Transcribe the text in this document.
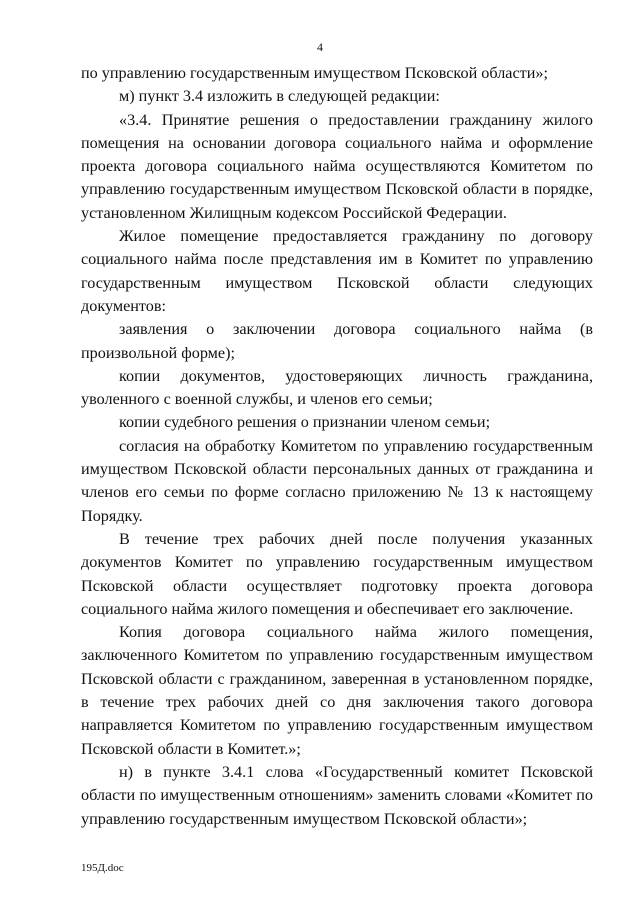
4

по управлению государственным имуществом Псковской области»;

м) пункт 3.4 изложить в следующей редакции:

«3.4. Принятие решения о предоставлении гражданину жилого помещения на основании договора социального найма и оформление проекта договора социального найма осуществляются Комитетом по управлению государственным имуществом Псковской области в порядке, установленном Жилищным кодексом Российской Федерации.

Жилое помещение предоставляется гражданину по договору социального найма после представления им в Комитет по управлению государственным имуществом Псковской области следующих документов:

заявления о заключении договора социального найма (в произвольной форме);

копии документов, удостоверяющих личность гражданина, уволенного с военной службы, и членов его семьи;

копии судебного решения о признании членом семьи;

согласия на обработку Комитетом по управлению государственным имуществом Псковской области персональных данных от гражданина и членов его семьи по форме согласно приложению № 13 к настоящему Порядку.

В течение трех рабочих дней после получения указанных документов Комитет по управлению государственным имуществом Псковской области осуществляет подготовку проекта договора социального найма жилого помещения и обеспечивает его заключение.

Копия договора социального найма жилого помещения, заключенного Комитетом по управлению государственным имуществом Псковской области с гражданином, заверенная в установленном порядке, в течение трех рабочих дней со дня заключения такого договора направляется Комитетом по управлению государственным имуществом Псковской области в Комитет.»;

н) в пункте 3.4.1 слова «Государственный комитет Псковской области по имущественным отношениям» заменить словами «Комитет по управлению государственным имуществом Псковской области»;

195Д.doc
